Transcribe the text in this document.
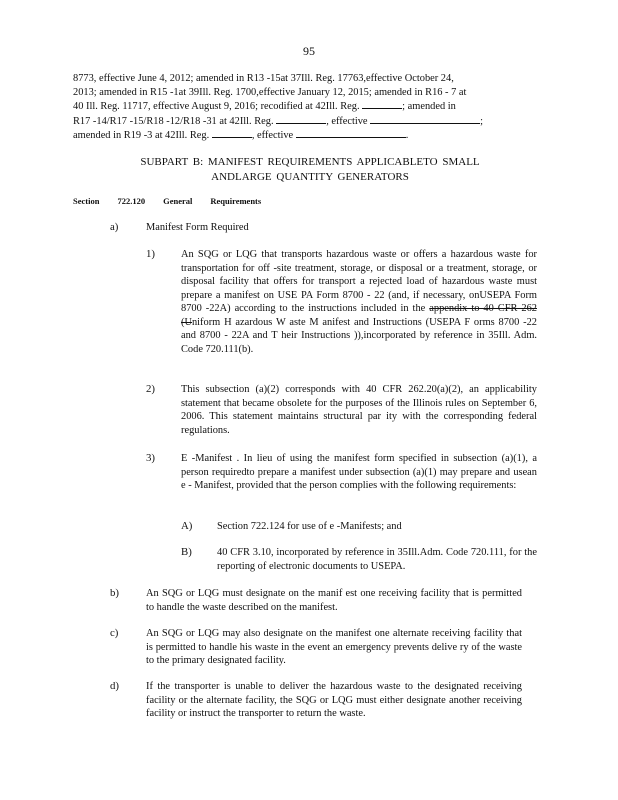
95
8773, effective June 4, 2012; amended in R13 -15at 37Ill. Reg. 17763,effective October 24,
2013; amended in R15 -1at 39Ill. Reg. 1700,effective January 12, 2015; amended in R16 - 7 at
40 Ill. Reg. 11717, effective August 9, 2016; recodified at 42Ill. Reg.	; amended in
R17 -14/R17 -15/R18 -12/R18 -31 at 42Ill. Reg.	, effective	;
amended in R19 -3 at 42Ill. Reg.	, effective	.
SUBPART B: MANIFEST REQUIREMENTS APPLICABLETO SMALL
ANDLARGE QUANTITY GENERATORS
Section 722.120 General Requirements
a)	Manifest Form Required
1)	An SQG or LQG that transports hazardous waste or offers a hazardous waste for transportation for off -site treatment, storage, or disposal or a treatment, storage, or disposal facility that offers for transport a rejected load of hazardous waste must prepare a manifest on USE PA Form 8700 - 22 (and, if necessary, onUSEPA Form 8700 -22A) according to the instructions included in the appendix to 40 CFR 262 (Uniform H azardous W aste M anifest and Instructions (USEPA F orms 8700 -22 and 8700 - 22A and T heir Instructions )),incorporated by reference in 35Ill. Adm. Code 720.111(b).
2)	This subsection (a)(2) corresponds with 40 CFR 262.20(a)(2), an applicability statement that became obsolete for the purposes of the Illinois rules on September 6, 2006. This statement maintains structural par ity with the corresponding federal regulations.
3)	E -Manifest . In lieu of using the manifest form specified in subsection (a)(1), a person requiredto prepare a manifest under subsection (a)(1) may prepare and usean e - Manifest, provided that the person complies with the following requirements:
A) Section 722.124 for use of e -Manifests; and
B) 40 CFR 3.10, incorporated by reference in 35Ill.Adm. Code 720.111, for the reporting of electronic documents to USEPA.
b)	An SQG or LQG must designate on the manif est one receiving facility that is permitted to handle the waste described on the manifest.
c)	An SQG or LQG may also designate on the manifest one alternate receiving facility that is permitted to handle his waste in the event an emergency prevents delive ry of the waste to the primary designated facility.
d)	If the transporter is unable to deliver the hazardous waste to the designated receiving facility or the alternate facility, the SQG or LQG must either designate another receiving facility or instruct the transporter to return the waste.
